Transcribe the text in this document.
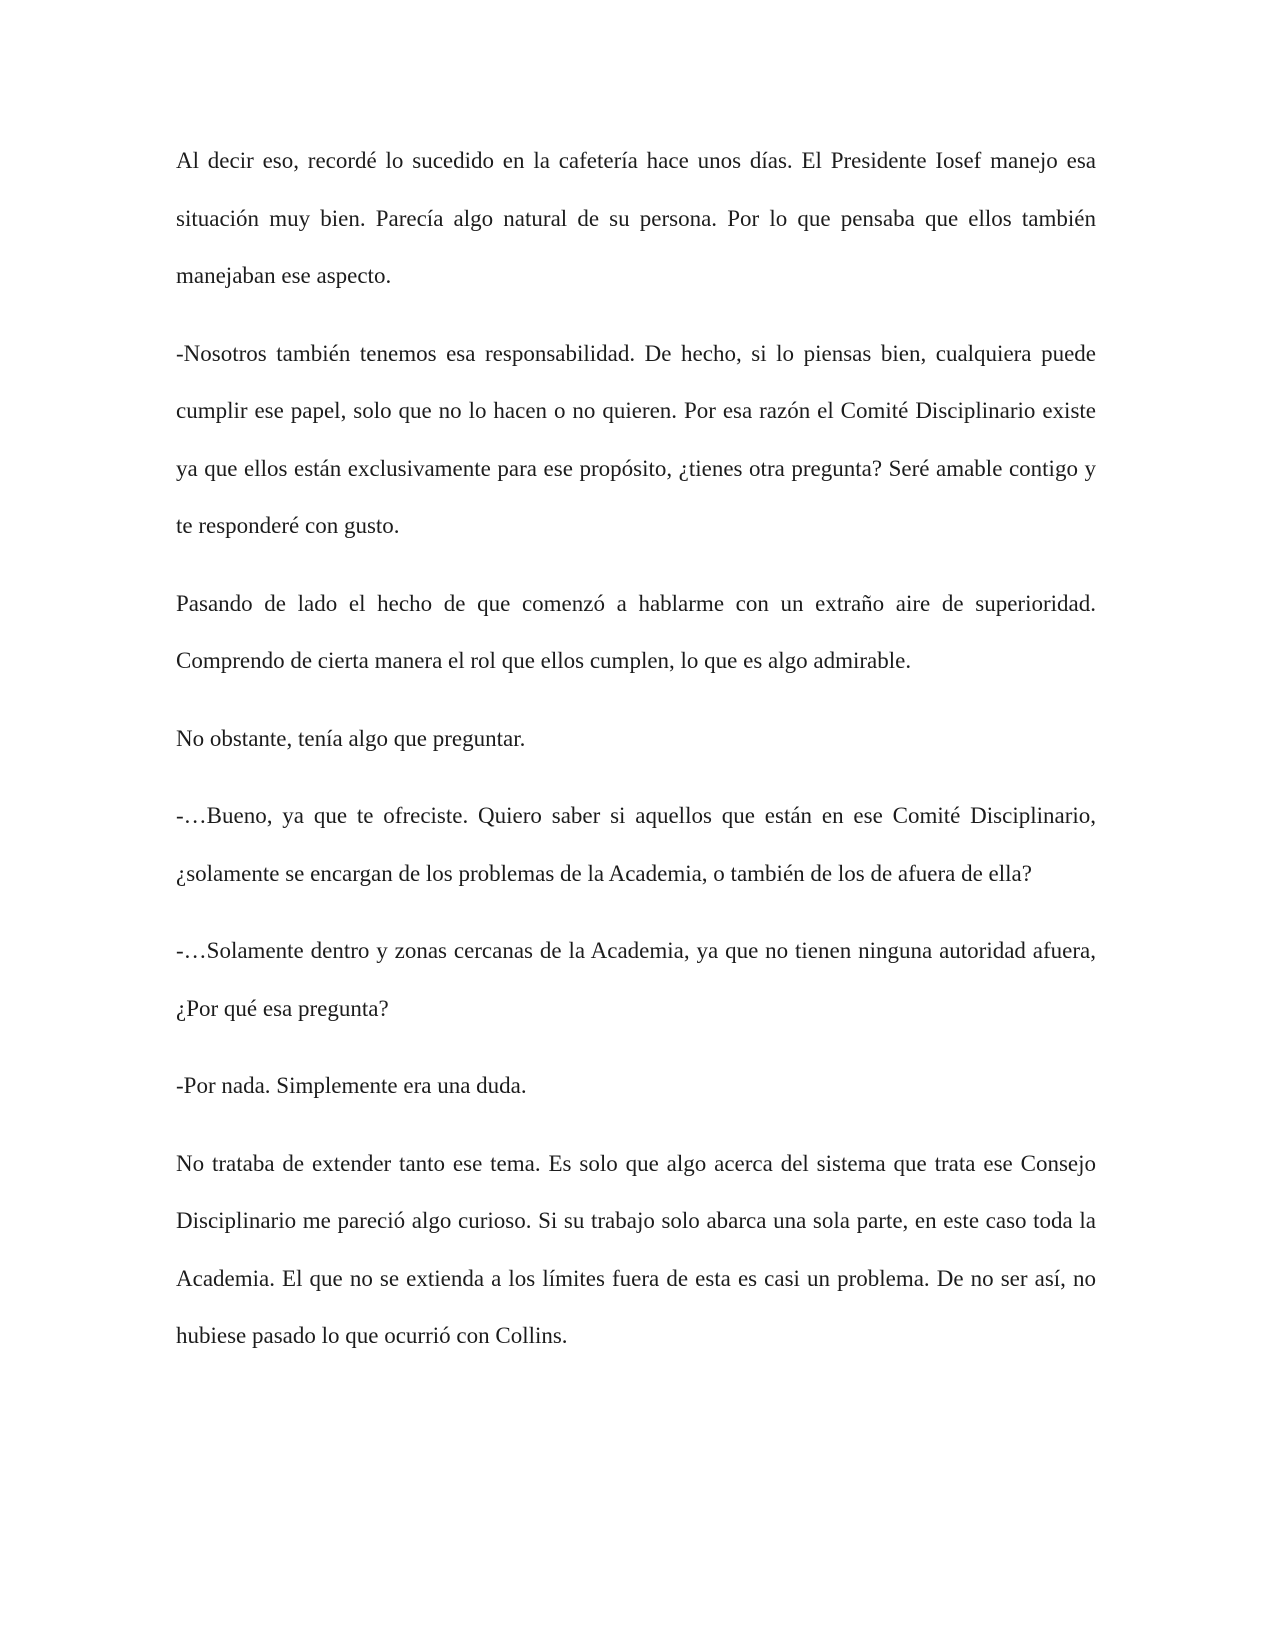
Al decir eso, recordé lo sucedido en la cafetería hace unos días. El Presidente Iosef manejo esa situación muy bien. Parecía algo natural de su persona. Por lo que pensaba que ellos también manejaban ese aspecto.

-Nosotros también tenemos esa responsabilidad. De hecho, si lo piensas bien, cualquiera puede cumplir ese papel, solo que no lo hacen o no quieren. Por esa razón el Comité Disciplinario existe ya que ellos están exclusivamente para ese propósito, ¿tienes otra pregunta? Seré amable contigo y te responderé con gusto.

Pasando de lado el hecho de que comenzó a hablarme con un extraño aire de superioridad. Comprendo de cierta manera el rol que ellos cumplen, lo que es algo admirable.

No obstante, tenía algo que preguntar.

-…Bueno, ya que te ofreciste. Quiero saber si aquellos que están en ese Comité Disciplinario, ¿solamente se encargan de los problemas de la Academia, o también de los de afuera de ella?

-…Solamente dentro y zonas cercanas de la Academia, ya que no tienen ninguna autoridad afuera, ¿Por qué esa pregunta?

-Por nada. Simplemente era una duda.

No trataba de extender tanto ese tema. Es solo que algo acerca del sistema que trata ese Consejo Disciplinario me pareció algo curioso. Si su trabajo solo abarca una sola parte, en este caso toda la Academia. El que no se extienda a los límites fuera de esta es casi un problema. De no ser así, no hubiese pasado lo que ocurrió con Collins.
